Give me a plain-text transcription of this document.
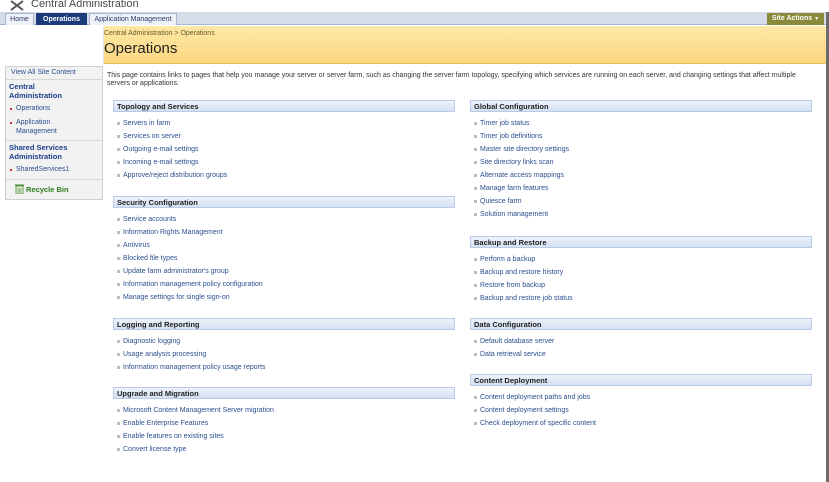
Central Administration
Home	Operations	Application Management	Site Actions ▼
Central Administration > Operations
Operations
View All Site Content
Central Administration
Operations
Application Management
Shared Services Administration
SharedServices1
Recycle Bin
This page contains links to pages that help you manage your server or server farm, such as changing the server farm topology, specifying which services are running on each server, and changing settings that affect multiple servers or applications.
Topology and Services
Servers in farm
Services on server
Outgoing e-mail settings
Incoming e-mail settings
Approve/reject distribution groups
Security Configuration
Service accounts
Information Rights Management
Antivirus
Blocked file types
Update farm administrator's group
Information management policy configuration
Manage settings for single sign-on
Logging and Reporting
Diagnostic logging
Usage analysis processing
Information management policy usage reports
Upgrade and Migration
Microsoft Content Management Server migration
Enable Enterprise Features
Enable features on existing sites
Convert license type
Global Configuration
Timer job status
Timer job definitions
Master site directory settings
Site directory links scan
Alternate access mappings
Manage farm features
Quiesce farm
Solution management
Backup and Restore
Perform a backup
Backup and restore history
Restore from backup
Backup and restore job status
Data Configuration
Default database server
Data retrieval service
Content Deployment
Content deployment paths and jobs
Content deployment settings
Check deployment of specific content
